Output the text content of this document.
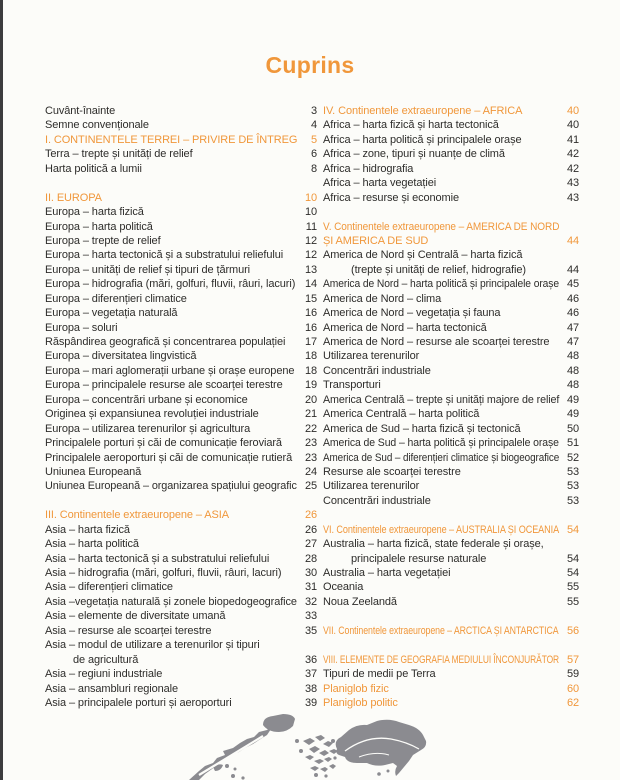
Cuprins
Cuvânt-înainte	3
Semne convenționale	4
I. CONTINENTELE TERREI – PRIVIRE DE ÎNTREG	5
Terra – trepte și unități de relief	6
Harta politică a lumii	8
II. EUROPA	10
Europa – harta fizică	10
Europa – harta politică	11
Europa – trepte de relief	12
Europa – harta tectonică și a substratului reliefului	12
Europa – unități de relief și tipuri de țărmuri	13
Europa – hidrografia (mări, golfuri, fluvii, râuri, lacuri) 14
Europa – diferențieri climatice	15
Europa – vegetația naturală	16
Europa – soluri	16
Răspândirea geografică și concentrarea populației	17
Europa – diversitatea lingvistică	18
Europa – mari aglomerații urbane și orașe europene 18
Europa – principalele resurse ale scoarței terestre	19
Europa – concentrări urbane și economice	20
Originea și expansiunea revoluției industriale	21
Europa – utilizarea terenurilor și agricultura	22
Principalele porturi și căi de comunicație feroviară	23
Principalele aeroporturi și căi de comunicație rutieră	23
Uniunea Europeană	24
Uniunea Europeană – organizarea spațiului geografic 25
III. Continentele extraeuropene – ASIA	26
Asia – harta fizică	26
Asia – harta politică	27
Asia – harta tectonică și a substratului reliefului	28
Asia – hidrografia (mări, golfuri, fluvii, râuri, lacuri)	30
Asia – diferențieri climatice	31
Asia –vegetația naturală și zonele biopedogeografice 32
Asia – elemente de diversitate umană	33
Asia – resurse ale scoarței terestre	35
Asia – modul de utilizare a terenurilor și tipuri
de agricultură	36
Asia – regiuni industriale	37
Asia – ansambluri regionale	38
Asia – principalele porturi și aeroporturi	39
IV. Continentele extraeuropene – AFRICA	40
Africa – harta fizică și harta tectonică	40
Africa – harta politică și principalele orașe	41
Africa – zone, tipuri și nuanțe de climă	42
Africa – hidrografia	42
Africa – harta vegetației	43
Africa – resurse și economie	43
V. Continentele extraeuropene – AMERICA DE NORD
ȘI AMERICA DE SUD	44
America de Nord și Centrală – harta fizică
(trepte și unități de relief, hidrografie)	44
America de Nord – harta politică și principalele orașe 45
America de Nord – clima	46
America de Nord – vegetația și fauna	46
America de Nord – harta tectonică	47
America de Nord – resurse ale scoarței terestre	47
Utilizarea terenurilor	48
Concentrări industriale	48
Transporturi	48
America Centrală – trepte și unități majore de relief 49
America Centrală – harta politică	49
America de Sud – harta fizică și tectonică	50
America de Sud – harta politică și principalele orașe 51
America de Sud – diferențieri climatice și biogeografice 52
Resurse ale scoarței terestre	53
Utilizarea terenurilor	53
Concentrări industriale	53
VI. Continentele extraeuropene – AUSTRALIA ȘI OCEANIA 54
Australia – harta fizică, state federale și orașe,
principalele resurse naturale	54
Australia – harta vegetației	54
Oceania	55
Noua Zeelandă	55
VII. Continentele extraeuropene – ARCTICA ȘI ANTARCTICA 56
VIII. ELEMENTE DE GEOGRAFIA MEDIULUI ÎNCONJURĂTOR 57
Tipuri de medii pe Terra	59
Planiglob fizic	60
Planiglob politic	62
